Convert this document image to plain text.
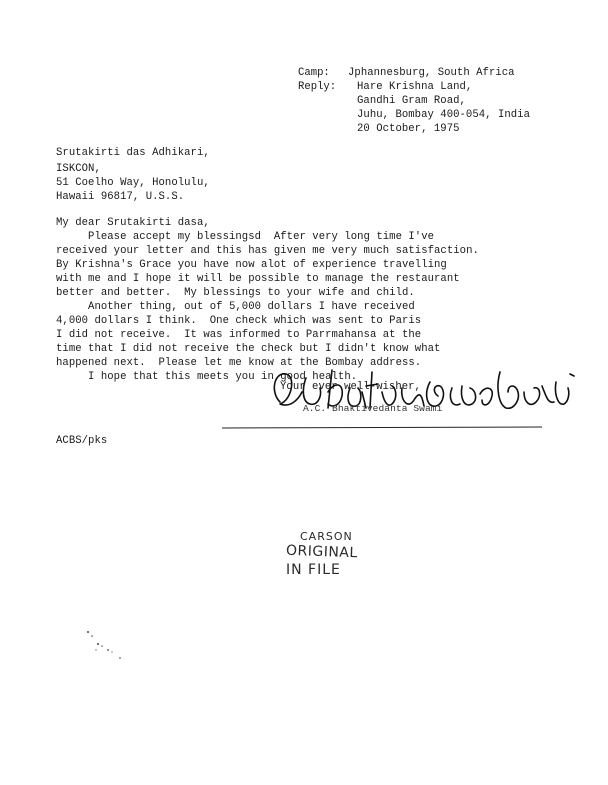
Camp: Jphannesburg, South Africa
Reply: Hare Krishna Land,
Gandhi Gram Road,
Juhu, Bombay 400-054, India
20 October, 1975
Srutakirti das Adhikari,
ISKCON,
51 Coelho Way, Honolulu,
Hawaii 96817, U.S.S.
My dear Srutakirti dasa,
Please accept my blessingsd  After very long time I've
received your letter and this has given me very much satisfaction.
By Krishna's Grace you have now alot of experience travelling
with me and I hope it will be possible to manage the restaurant
better and better.  My blessings to your wife and child.
Another thing, out of 5,000 dollars I have received
4,000 dollars I think.  One check which was sent to Paris
I did not receive.  It was informed to Parrmahansa at the
time that I did not receive the check but I didn't know what
happened next.  Please let me know at the Bombay address.
I hope that this meets you in good health.
Your ever well-wisher,
A.C. Bhaktivedanta Swami
ACBS/pks
CARSON
ORIGINAL
IN FILE
